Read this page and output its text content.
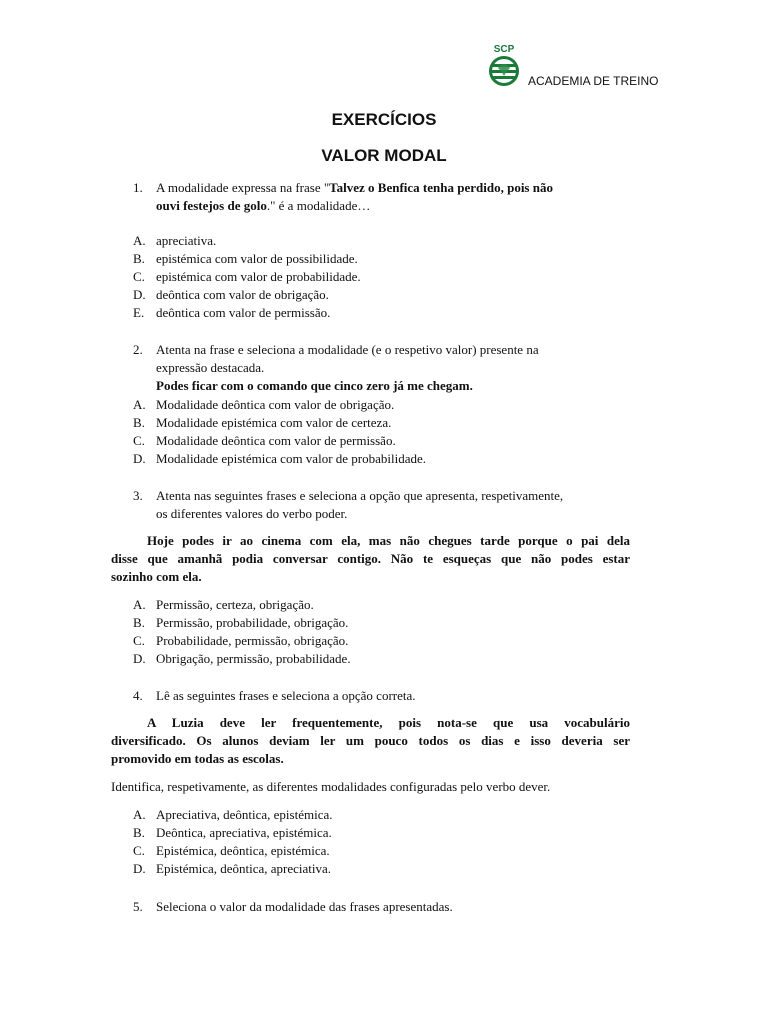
SCP
ACADEMIA DE TREINO
EXERCÍCIOS
VALOR MODAL
1. A modalidade expressa na frase "Talvez o Benfica tenha perdido, pois não
ouvi festejos de golo." é a modalidade…
A. apreciativa.
B. epistémica com valor de possibilidade.
C. epistémica com valor de probabilidade.
D. deôntica com valor de obrigação.
E. deôntica com valor de permissão.
2. Atenta na frase e seleciona a modalidade (e o respetivo valor) presente na
expressão destacada.
Podes ficar com o comando que cinco zero já me chegam.
A. Modalidade deôntica com valor de obrigação.
B. Modalidade epistémica com valor de certeza.
C. Modalidade deôntica com valor de permissão.
D. Modalidade epistémica com valor de probabilidade.
3. Atenta nas seguintes frases e seleciona a opção que apresenta, respetivamente,
os diferentes valores do verbo poder.
Hoje podes ir ao cinema com ela, mas não chegues tarde porque o pai dela
disse que amanhã podia conversar contigo. Não te esqueças que não podes estar
sozinho com ela.
A. Permissão, certeza, obrigação.
B. Permissão, probabilidade, obrigação.
C. Probabilidade, permissão, obrigação.
D. Obrigação, permissão, probabilidade.
4. Lê as seguintes frases e seleciona a opção correta.
A Luzia deve ler frequentemente, pois nota-se que usa vocabulário
diversificado. Os alunos deviam ler um pouco todos os dias e isso deveria ser
promovido em todas as escolas.
Identifica, respetivamente, as diferentes modalidades configuradas pelo verbo dever.
A. Apreciativa, deôntica, epistémica.
B. Deôntica, apreciativa, epistémica.
C. Epistémica, deôntica, epistémica.
D. Epistémica, deôntica, apreciativa.
5. Seleciona o valor da modalidade das frases apresentadas.
